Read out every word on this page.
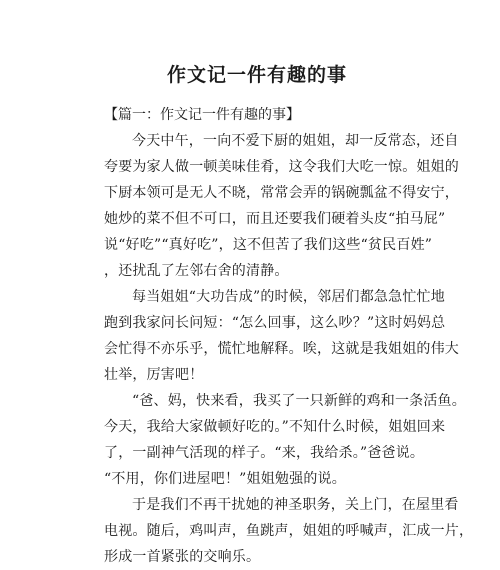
作文记一件有趣的事
【篇一：作文记一件有趣的事】
今天中午，一向不爱下厨的姐姐，却一反常态，还自
夸要为家人做一顿美味佳肴，这令我们大吃一惊。姐姐的
下厨本领可是无人不晓，常常会弄的锅碗瓢盆不得安宁，
她炒的菜不但不可口，而且还要我们硬着头皮“拍马屁”
说“好吃”“真好吃”，这不但苦了我们这些“贫民百姓”
，还扰乱了左邻右舍的清静。
每当姐姐“大功告成”的时候，邻居们都急急忙忙地
跑到我家问长问短：“怎么回事，这么吵？”这时妈妈总
会忙得不亦乐乎，慌忙地解释。唉，这就是我姐姐的伟大
壮举，厉害吧！
“爸、妈，快来看，我买了一只新鲜的鸡和一条活鱼。
今天，我给大家做顿好吃的。”不知什么时候，姐姐回来
了，一副神气活现的样子。“来，我给杀。”爸爸说。
“不用，你们进屋吧！”姐姐勉强的说。
于是我们不再干扰她的神圣职务，关上门，在屋里看
电视。随后，鸡叫声，鱼跳声，姐姐的呼喊声，汇成一片，
形成一首紧张的交响乐。
